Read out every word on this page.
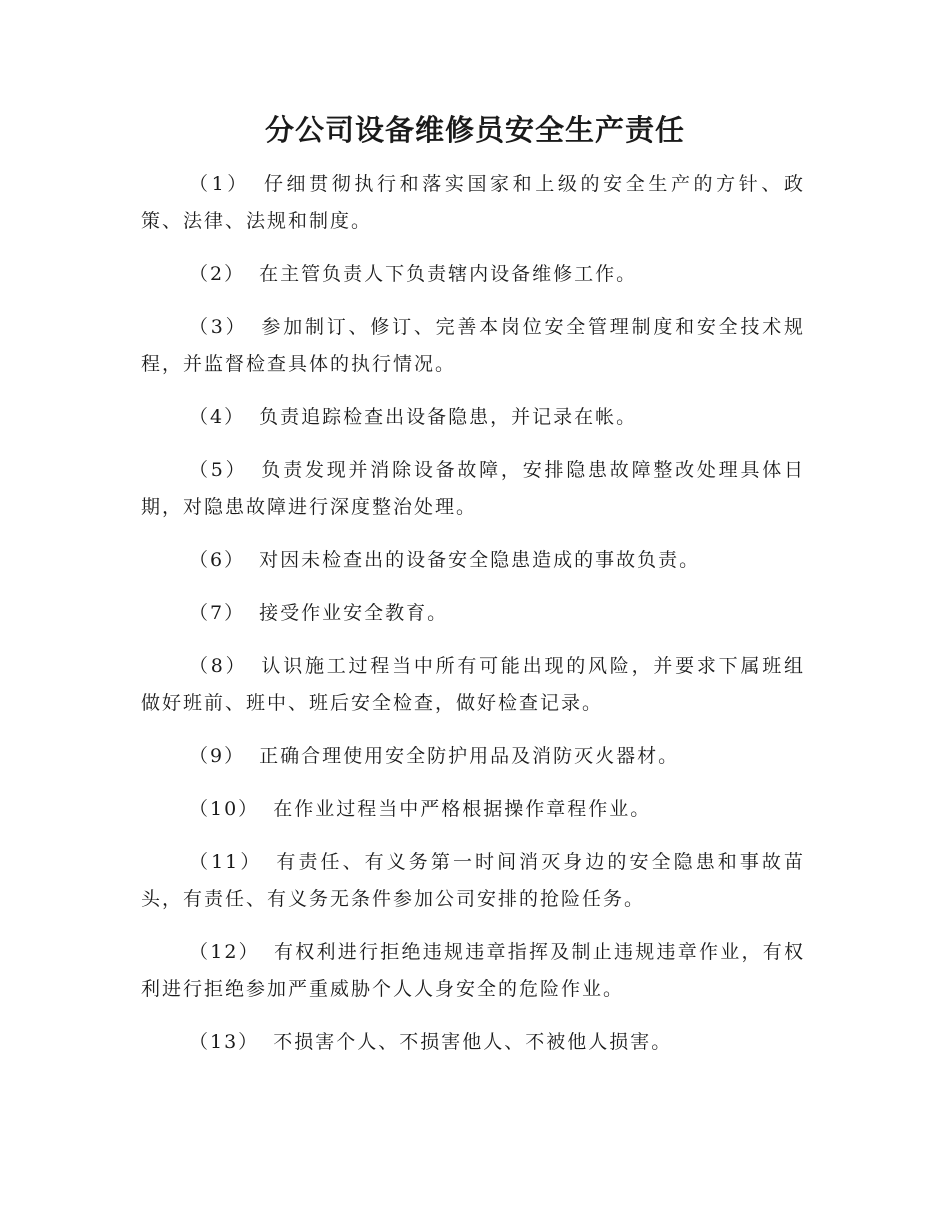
分公司设备维修员安全生产责任

（1） 仔细贯彻执行和落实国家和上级的安全生产的方针、政策、法律、法规和制度。

（2） 在主管负责人下负责辖内设备维修工作。

（3） 参加制订、修订、完善本岗位安全管理制度和安全技术规程，并监督检查具体的执行情况。

（4） 负责追踪检查出设备隐患，并记录在帐。

（5） 负责发现并消除设备故障，安排隐患故障整改处理具体日期，对隐患故障进行深度整治处理。

（6） 对因未检查出的设备安全隐患造成的事故负责。

（7） 接受作业安全教育。

（8） 认识施工过程当中所有可能出现的风险，并要求下属班组做好班前、班中、班后安全检查，做好检查记录。

（9） 正确合理使用安全防护用品及消防灭火器材。

（10） 在作业过程当中严格根据操作章程作业。

（11） 有责任、有义务第一时间消灭身边的安全隐患和事故苗头，有责任、有义务无条件参加公司安排的抢险任务。

（12） 有权利进行拒绝违规违章指挥及制止违规违章作业，有权利进行拒绝参加严重威胁个人人身安全的危险作业。

（13） 不损害个人、不损害他人、不被他人损害。
